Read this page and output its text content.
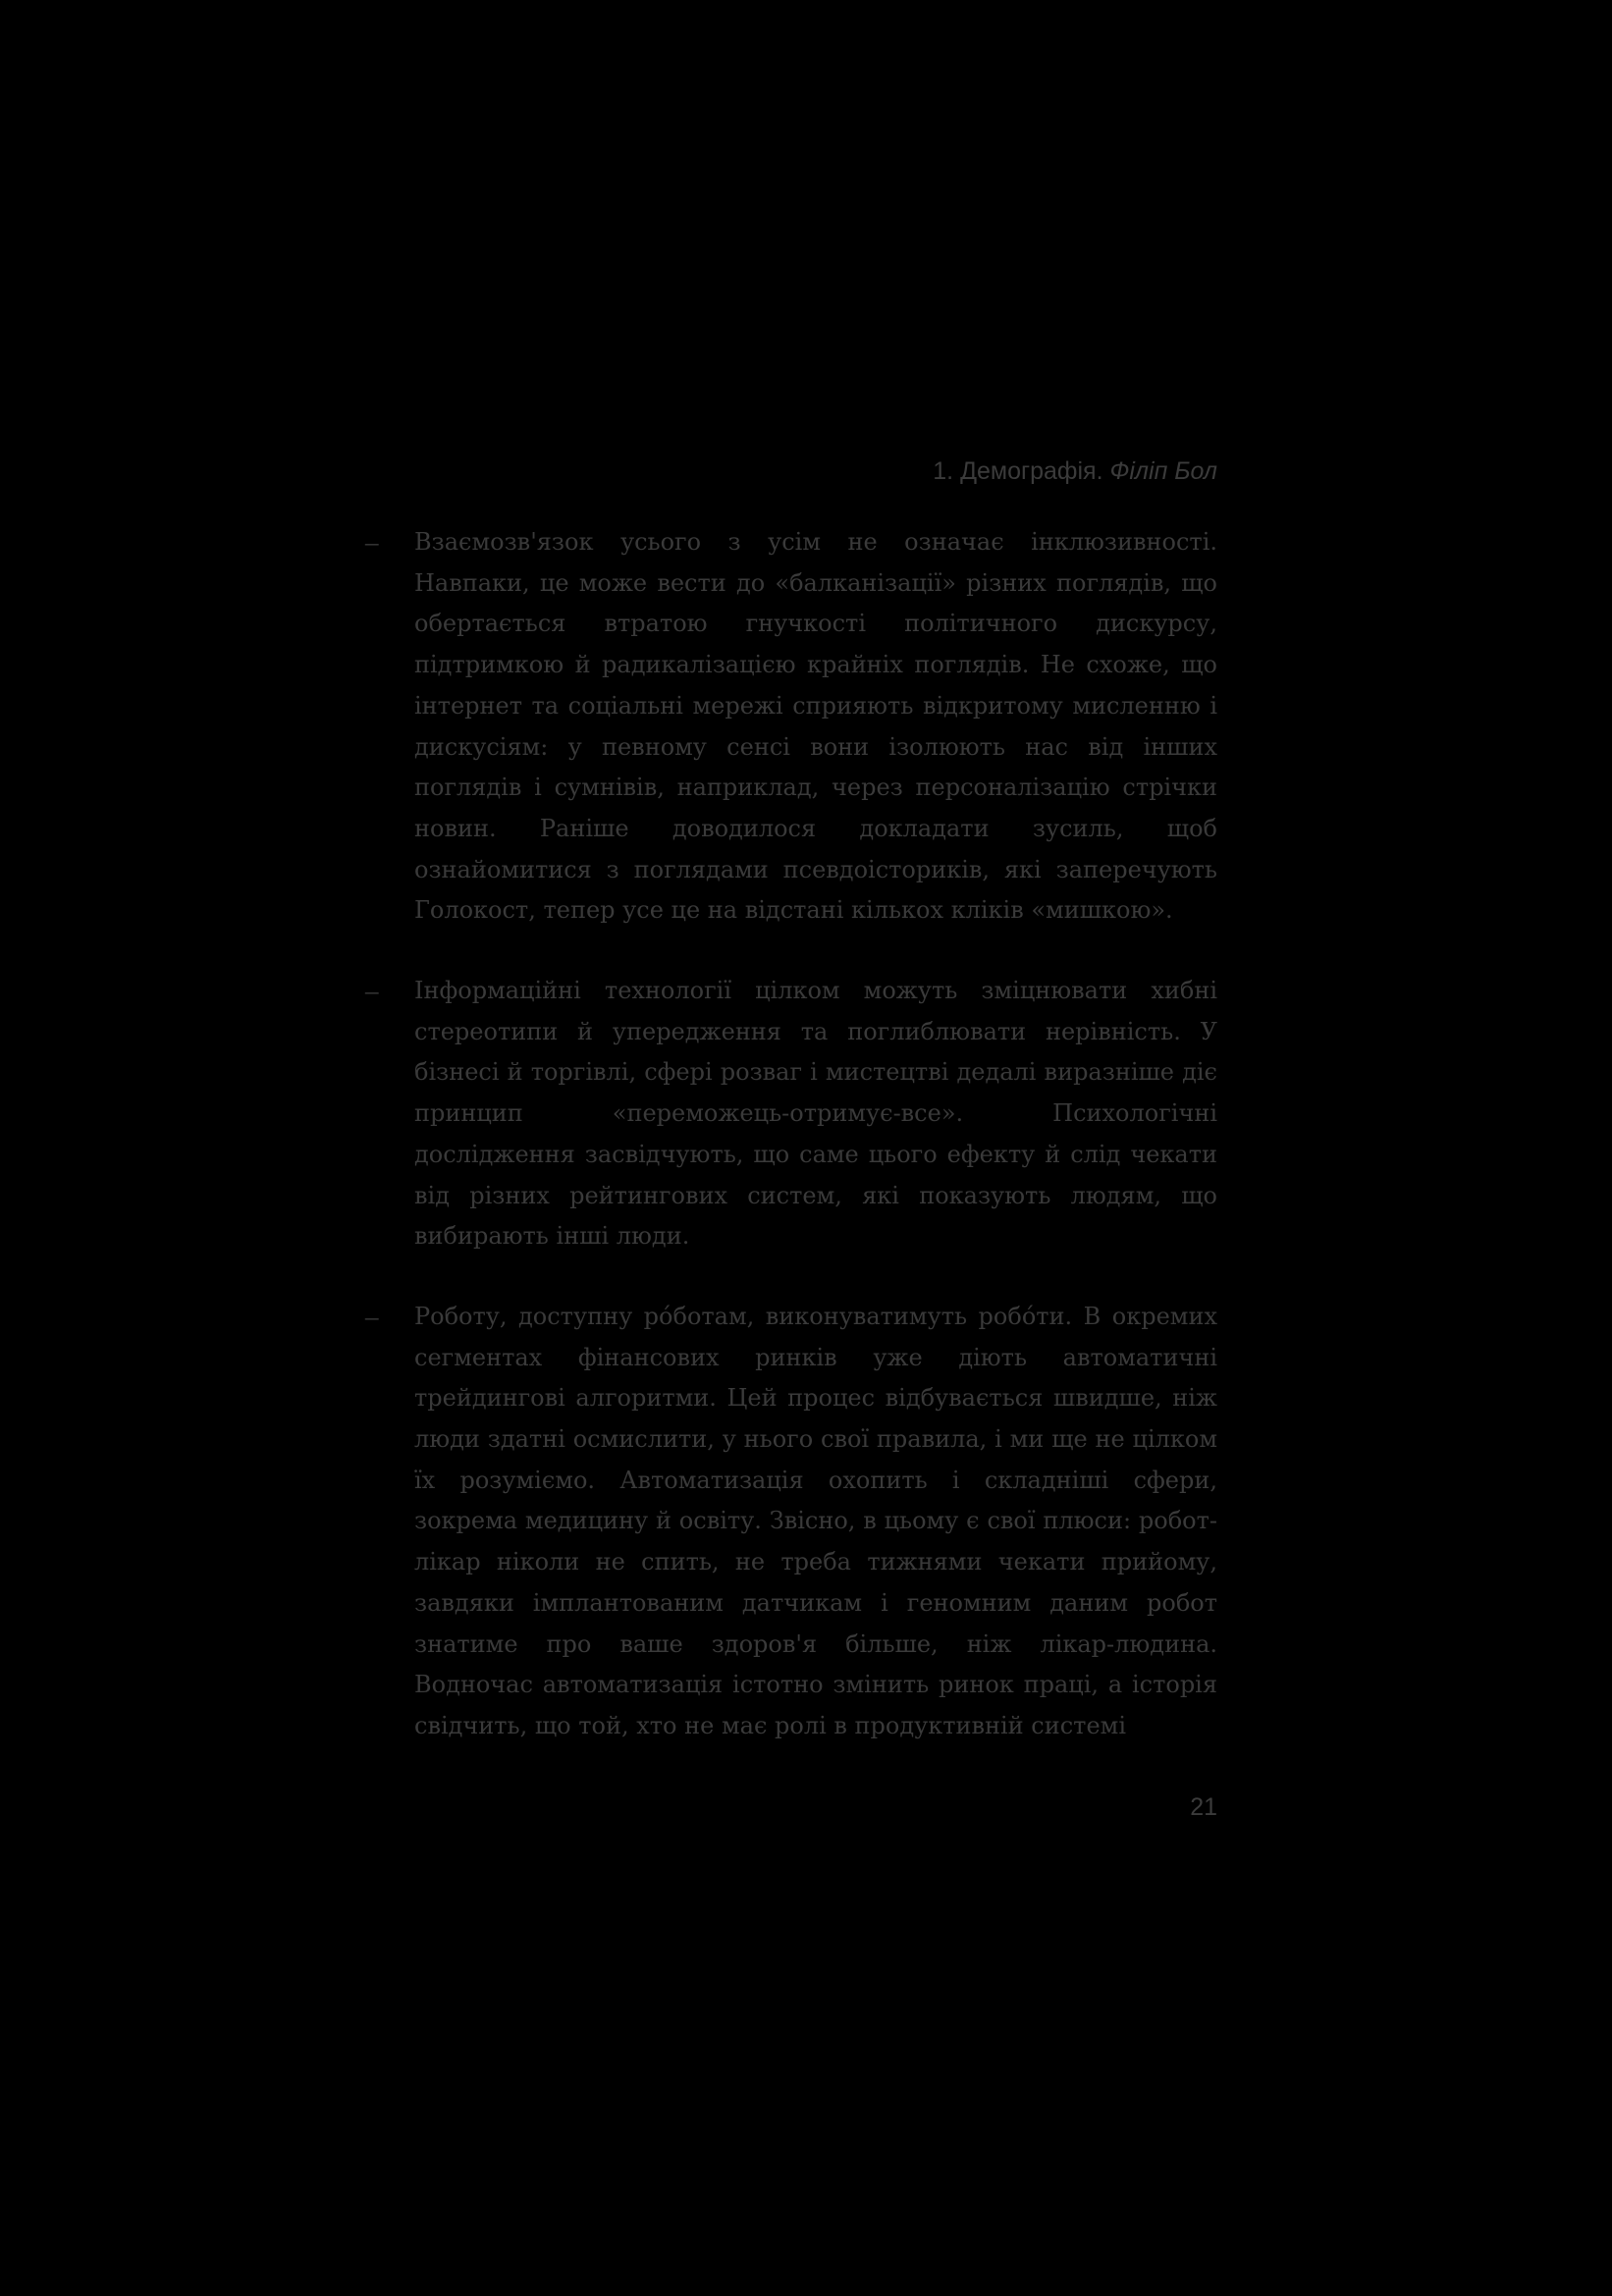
1. Демографія. Філіп Бол
–	Взаємозв'язок усього з усім не означає інклюзивності. Навпаки, це може вести до «балканізації» різних поглядів, що обертається втратою гнучкості політичного дискурсу, підтримкою й радикалізацією крайніх поглядів. Не схоже, що інтернет та соціальні мережі сприяють відкритому мисленню і дискусіям: у певному сенсі вони ізолюють нас від інших поглядів і сумнівів, наприклад, через персоналізацію стрічки новин. Раніше доводилося докладати зусиль, щоб ознайомитися з поглядами псевдоісториків, які заперечують Голокост, тепер усе це на відстані кількох кліків «мишкою».
–	Інформаційні технології цілком можуть зміцнювати хибні стереотипи й упередження та поглиблювати нерівність. У бізнесі й торгівлі, сфері розваг і мистецтві дедалі виразніше діє принцип «переможець-отримує-все». Психологічні дослідження засвідчують, що саме цього ефекту й слід чекати від різних рейтингових систем, які показують людям, що вибирають інші люди.
–	Роботу, доступну рóботам, виконуватимуть робóти. В окремих сегментах фінансових ринків уже діють автоматичні трейдингові алгоритми. Цей процес відбувається швидше, ніж люди здатні осмислити, у нього свої правила, і ми ще не цілком їх розуміємо. Автоматизація охопить і складніші сфери, зокрема медицину й освіту. Звісно, в цьому є свої плюси: робот-лікар ніколи не спить, не треба тижнями чекати прийому, завдяки імплантованим датчикам і геномним даним робот знатиме про ваше здоров'я більше, ніж лікар-людина. Водночас автоматизація істотно змінить ринок праці, а історія свідчить, що той, хто не має ролі в продуктивній системі
21
